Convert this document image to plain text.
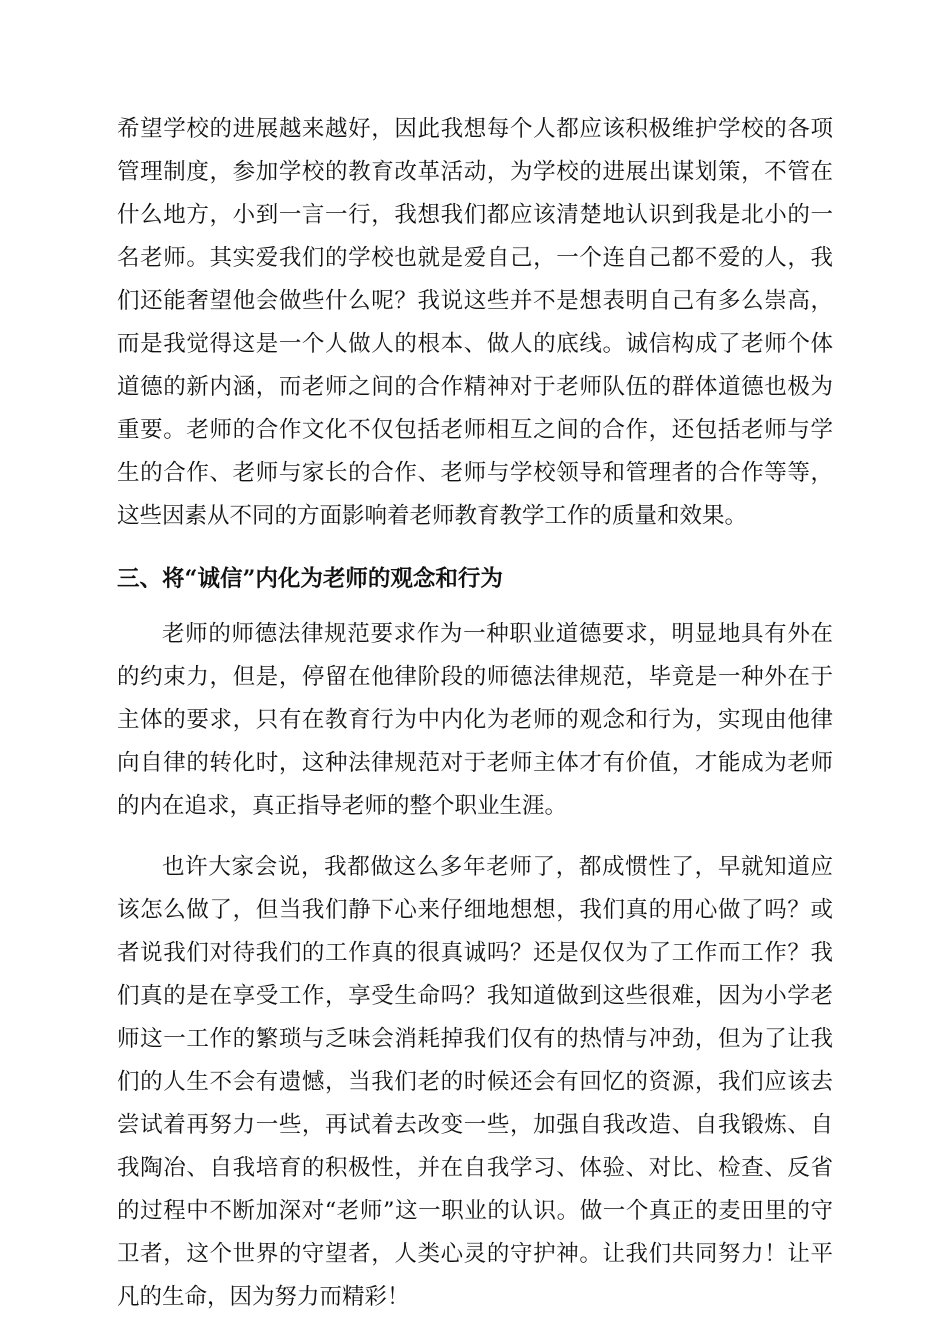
希望学校的进展越来越好，因此我想每个人都应该积极维护学校的各项管理制度，参加学校的教育改革活动，为学校的进展出谋划策，不管在什么地方，小到一言一行，我想我们都应该清楚地认识到我是北小的一名老师。其实爱我们的学校也就是爱自己，一个连自己都不爱的人，我们还能奢望他会做些什么呢？我说这些并不是想表明自己有多么崇高，而是我觉得这是一个人做人的根本、做人的底线。诚信构成了老师个体道德的新内涵，而老师之间的合作精神对于老师队伍的群体道德也极为重要。老师的合作文化不仅包括老师相互之间的合作，还包括老师与学生的合作、老师与家长的合作、老师与学校领导和管理者的合作等等，这些因素从不同的方面影响着老师教育教学工作的质量和效果。

三、将“诚信”内化为老师的观念和行为

老师的师德法律规范要求作为一种职业道德要求，明显地具有外在的约束力，但是，停留在他律阶段的师德法律规范，毕竟是一种外在于主体的要求，只有在教育行为中内化为老师的观念和行为，实现由他律向自律的转化时，这种法律规范对于老师主体才有价值，才能成为老师的内在追求，真正指导老师的整个职业生涯。

也许大家会说，我都做这么多年老师了，都成惯性了，早就知道应该怎么做了，但当我们静下心来仔细地想想，我们真的用心做了吗？或者说我们对待我们的工作真的很真诚吗？还是仅仅为了工作而工作？我们真的是在享受工作，享受生命吗？我知道做到这些很难，因为小学老师这一工作的繁琐与乏味会消耗掉我们仅有的热情与冲劲，但为了让我们的人生不会有遗憾，当我们老的时候还会有回忆的资源，我们应该去尝试着再努力一些，再试着去改变一些，加强自我改造、自我锻炼、自我陶冶、自我培育的积极性，并在自我学习、体验、对比、检查、反省的过程中不断加深对“老师”这一职业的认识。做一个真正的麦田里的守卫者，这个世界的守望者，人类心灵的守护神。让我们共同努力！让平凡的生命，因为努力而精彩！
